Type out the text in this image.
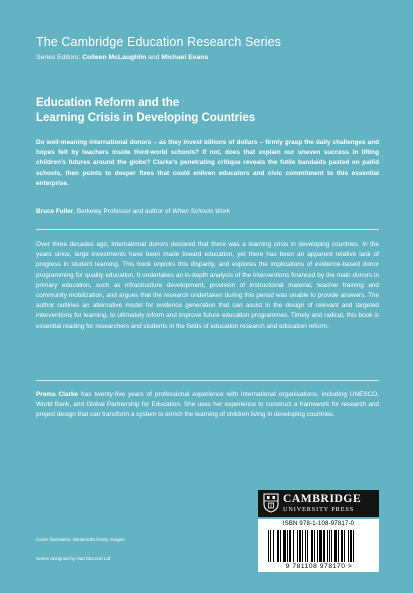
The Cambridge Education Research Series
Series Editors: Colleen McLaughlin and Michael Evans
Education Reform and the
Learning Crisis in Developing Countries
Do well-meaning international donors – as they invest billions of dollars – firmly grasp the daily challenges and hopes felt by teachers inside third-world schools? If not, does that explain our uneven success in lifting children’s futures around the globe? Clarke’s penetrating critique reveals the futile bandaids pasted on pallid schools, then points to deeper fixes that could enliven educators and civic commitment to this essential enterprise.
Bruce Fuller, Berkeley Professor and author of When Schools Work
Over three decades ago, international donors declared that there was a learning crisis in developing countries. In the years since, large investments have been made toward education, yet there has been an apparent relative lack of progress in student learning. This book unpicks this disparity, and explores the implications of evidence-based donor programming for quality education. It undertakes an in-depth analysis of the interventions financed by the main donors in primary education, such as infrastructure development, provision of instructional material, teacher training and community mobilization, and argues that the research undertaken during this period was unable to provide answers. The author outlines an alternative model for evidence generation that can assist in the design of relevant and targeted interventions for learning, to ultimately inform and improve future education programmes. Timely and radical, this book is essential reading for researchers and students in the fields of education research and education reform.
Prema Clarke has twenty-five years of professional experience with international organisations, including UNESCO, World Bank, and Global Partnership for Education. She uses her experience to construct a framework for research and project design that can transform a system to enrich the learning of children living in developing countries.
Cover illustration: Westend61/Getty Images
Series designed by Hart McLeod Ltd
CAMBRIDGE
UNIVERSITY PRESS
ISBN 978-1-108-97817-0
9 781108 978170 >
